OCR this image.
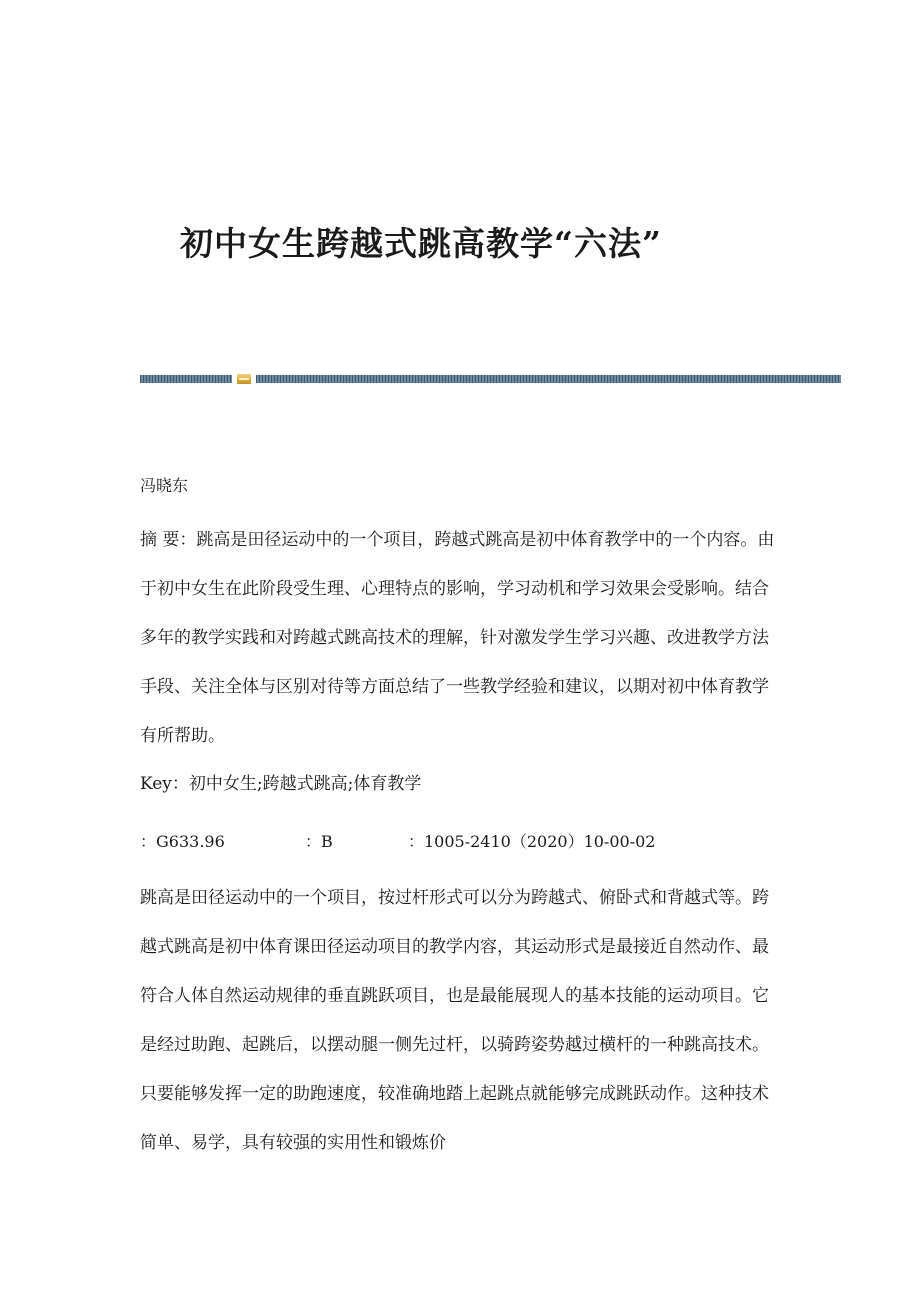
初中女生跨越式跳高教学“六法”
冯晓东

摘 要：跳高是田径运动中的一个项目，跨越式跳高是初中体育教学中的一个内容。由于初中女生在此阶段受生理、心理特点的影响，学习动机和学习效果会受影响。结合多年的教学实践和对跨越式跳高技术的理解，针对激发学生学习兴趣、改进教学方法手段、关注全体与区别对待等方面总结了一些教学经验和建议，以期对初中体育教学有所帮助。

Key：初中女生;跨越式跳高;体育教学

：G633.96	：B	：1005-2410（2020）10-00-02

跳高是田径运动中的一个项目，按过杆形式可以分为跨越式、俯卧式和背越式等。跨越式跳高是初中体育课田径运动项目的教学内容，其运动形式是最接近自然动作、最符合人体自然运动规律的垂直跳跃项目，也是最能展现人的基本技能的运动项目。它是经过助跑、起跳后，以摆动腿一侧先过杆，以骑跨姿势越过横杆的一种跳高技术。只要能够发挥一定的助跑速度，较准确地踏上起跳点就能够完成跳跃动作。这种技术简单、易学，具有较强的实用性和锻炼价
